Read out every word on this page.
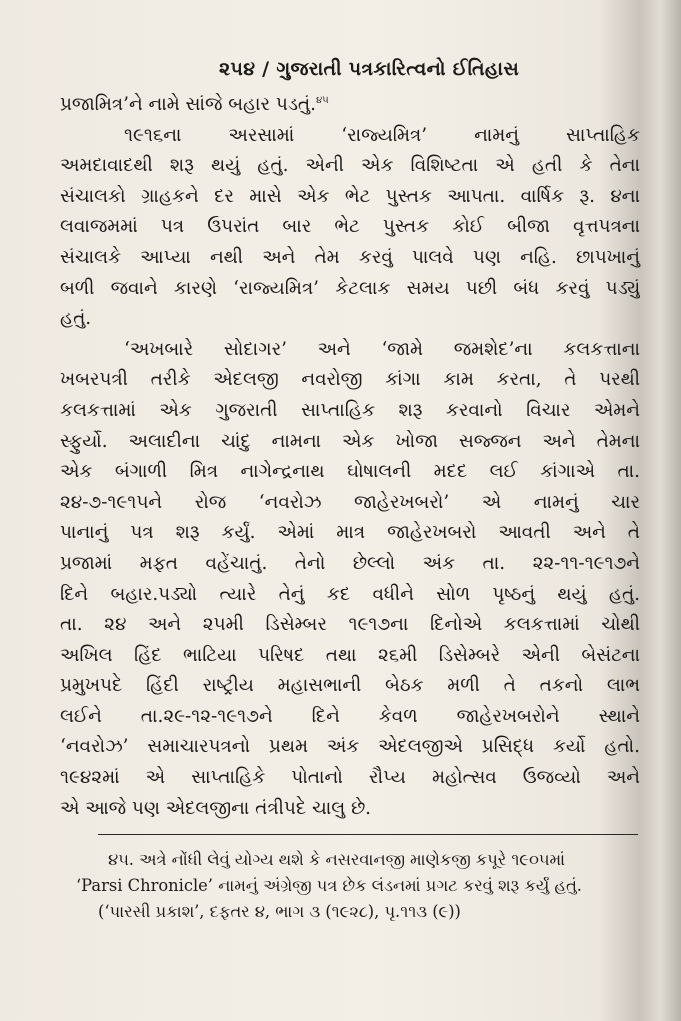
૨૫૪ / ગુજરાતી પત્રકારિત્વનો ઈતિહાસ
પ્રજામિત્ર’ને નામે સાંજે બહાર પડતું.$^{૪૫}$
૧૯૧૬ના અરસામાં ‘રાજ્યમિત્ર’ નામનું સાપ્તાહિક
અમદાવાદથી શરૂ થયું હતું. એની એક વિશિષ્ટતા એ હતી કે તેના
સંચાલકો ગ્રાહકને દર માસે એક ભેટ પુસ્તક આપતા. વાર્ષિક રૂ. ૪ના
લવાજમમાં પત્ર ઉપરાંત બાર ભેટ પુસ્તક કોઈ બીજા વૃત્તપત્રના
સંચાલકે આપ્યા નથી અને તેમ કરવું પાલવે પણ નહિ. છાપખાનું
બળી જવાને કારણે ‘રાજ્યમિત્ર’ કેટલાક સમય પછી બંધ કરવું પડ્યું
હતું.
‘અખબારે સોદાગર’ અને ‘જામે જમશેદ’ના કલકત્તાના
ખબરપત્રી તરીકે એદલજી નવરોજી કાંગા કામ કરતા, તે પરથી
કલકત્તામાં એક ગુજરાતી સાપ્તાહિક શરૂ કરવાનો વિચાર એમને
સ્ફુર્યો. અલાદીના ચાંદુ નામના એક ખોજા સજ્જન અને તેમના
એક બંગાળી મિત્ર નાગેન્દ્રનાથ ઘોષાલની મદદ લઈ કાંગાએ તા.
૨૪-૭-૧૯૧૫ને રોજ ‘નવરોઝ જાહેરખબરો’ એ નામનું ચાર
પાનાનું પત્ર શરૂ કર્યું. એમાં માત્ર જાહેરખબરો આવતી અને તે
પ્રજામાં મફત વહેંચાતું. તેનો છેલ્લો અંક તા. ૨૨-૧૧-૧૯૧૭ને
દિને બહાર.પડ્યો ત્યારે તેનું કદ વધીને સોળ પૃષ્ઠનું થયું હતું.
તા. ૨૪ અને ૨૫મી ડિસેમ્બર ૧૯૧૭ના દિનોએ કલકત્તામાં ચોથી
અખિલ હિંદ ભાટિયા પરિષદ તથા ૨૬મી ડિસેમ્બરે એની બેસંટના
પ્રમુખપદે હિંદી રાષ્ટ્રીય મહાસભાની બેઠક મળી તે તકનો લાભ
લઈને તા.૨૯-૧૨-૧૯૧૭ને દિને કેવળ જાહેરખબરોને સ્થાને
‘નવરોઝ’ સમાચારપત્રનો પ્રથમ અંક એદલજીએ પ્રસિદ્ધ કર્યો હતો.
૧૯૪૨માં એ સાપ્તાહિકે પોતાનો રૌપ્ય મહોત્સવ ઉજવ્યો અને
એ આજે પણ એદલજીના તંત્રીપદે ચાલુ છે.
૪૫. અત્રે નોંધી લેવું યોગ્ય થશે કે નસરવાનજી માણેકજી કપૂરે ૧૯૦૫માં
‘Parsi Chronicle’ નામનું અંગ્રેજી પત્ર છેક લંડનમાં પ્રગટ કરવું શરૂ કર્યું હતું.
(‘પારસી પ્રકાશ’, દફતર ૪, ભાગ ૩ (૧૯૨૮), પૃ.૧૧૩ (૯))
